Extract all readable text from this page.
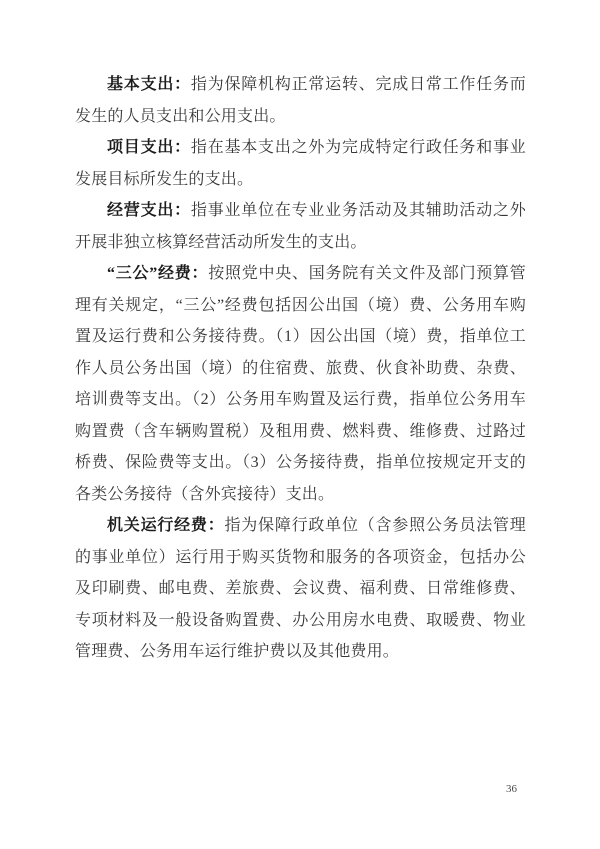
基本支出：指为保障机构正常运转、完成日常工作任务而发生的人员支出和公用支出。

项目支出：指在基本支出之外为完成特定行政任务和事业发展目标所发生的支出。

经营支出：指事业单位在专业业务活动及其辅助活动之外开展非独立核算经营活动所发生的支出。

“三公”经费：按照党中央、国务院有关文件及部门预算管理有关规定，“三公”经费包括因公出国（境）费、公务用车购置及运行费和公务接待费。（1）因公出国（境）费，指单位工作人员公务出国（境）的住宿费、旅费、伙食补助费、杂费、培训费等支出。（2）公务用车购置及运行费，指单位公务用车购置费（含车辆购置税）及租用费、燃料费、维修费、过路过桥费、保险费等支出。（3）公务接待费，指单位按规定开支的各类公务接待（含外宾接待）支出。

机关运行经费：指为保障行政单位（含参照公务员法管理的事业单位）运行用于购买货物和服务的各项资金，包括办公及印刷费、邮电费、差旅费、会议费、福利费、日常维修费、专项材料及一般设备购置费、办公用房水电费、取暖费、物业管理费、公务用车运行维护费以及其他费用。

36
